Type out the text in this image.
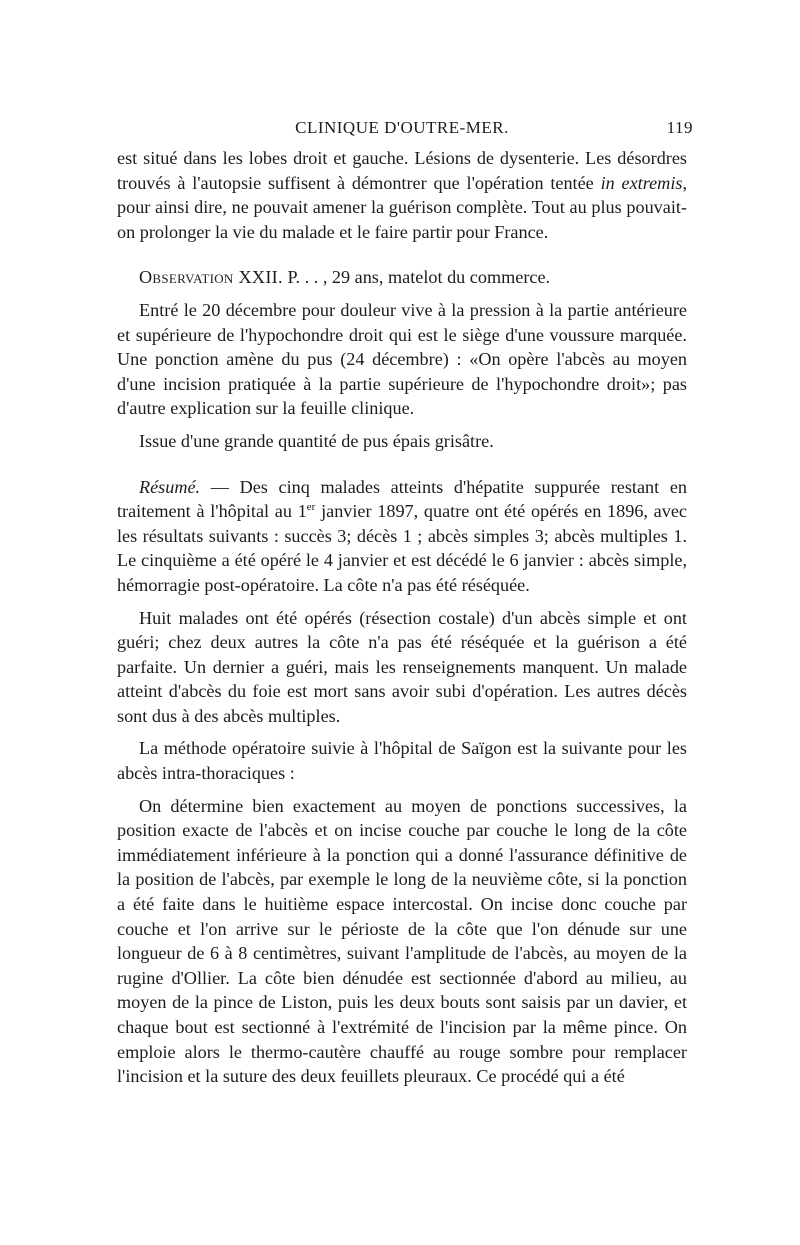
CLINIQUE D'OUTRE-MER.	119

est situé dans les lobes droit et gauche. Lésions de dysenterie. Les désordres trouvés à l'autopsie suffisent à démontrer que l'opération tentée in extremis, pour ainsi dire, ne pouvait amener la guérison complète. Tout au plus pouvait-on prolonger la vie du malade et le faire partir pour France.

Observation XXII. P. . . , 29 ans, matelot du commerce.

Entré le 20 décembre pour douleur vive à la pression à la partie antérieure et supérieure de l'hypochondre droit qui est le siège d'une voussure marquée. Une ponction amène du pus (24 décembre) : «On opère l'abcès au moyen d'une incision pratiquée à la partie supérieure de l'hypochondre droit»; pas d'autre explication sur la feuille clinique.

Issue d'une grande quantité de pus épais grisâtre.

Résumé. — Des cinq malades atteints d'hépatite suppurée restant en traitement à l'hôpital au 1er janvier 1897, quatre ont été opérés en 1896, avec les résultats suivants : succès 3; décès 1 ; abcès simples 3; abcès multiples 1. Le cinquième a été opéré le 4 janvier et est décédé le 6 janvier : abcès simple, hémorragie post-opératoire. La côte n'a pas été réséquée.

Huit malades ont été opérés (résection costale) d'un abcès simple et ont guéri; chez deux autres la côte n'a pas été réséquée et la guérison a été parfaite. Un dernier a guéri, mais les renseignements manquent. Un malade atteint d'abcès du foie est mort sans avoir subi d'opération. Les autres décès sont dus à des abcès multiples.

La méthode opératoire suivie à l'hôpital de Saïgon est la suivante pour les abcès intra-thoraciques :

On détermine bien exactement au moyen de ponctions successives, la position exacte de l'abcès et on incise couche par couche le long de la côte immédiatement inférieure à la ponction qui a donné l'assurance définitive de la position de l'abcès, par exemple le long de la neuvième côte, si la ponction a été faite dans le huitième espace intercostal. On incise donc couche par couche et l'on arrive sur le périoste de la côte que l'on dénude sur une longueur de 6 à 8 centimètres, suivant l'amplitude de l'abcès, au moyen de la rugine d'Ollier. La côte bien dénudée est sectionnée d'abord au milieu, au moyen de la pince de Liston, puis les deux bouts sont saisis par un davier, et chaque bout est sectionné à l'extrémité de l'incision par la même pince. On emploie alors le thermo-cautère chauffé au rouge sombre pour remplacer l'incision et la suture des deux feuillets pleuraux. Ce procédé qui a été
